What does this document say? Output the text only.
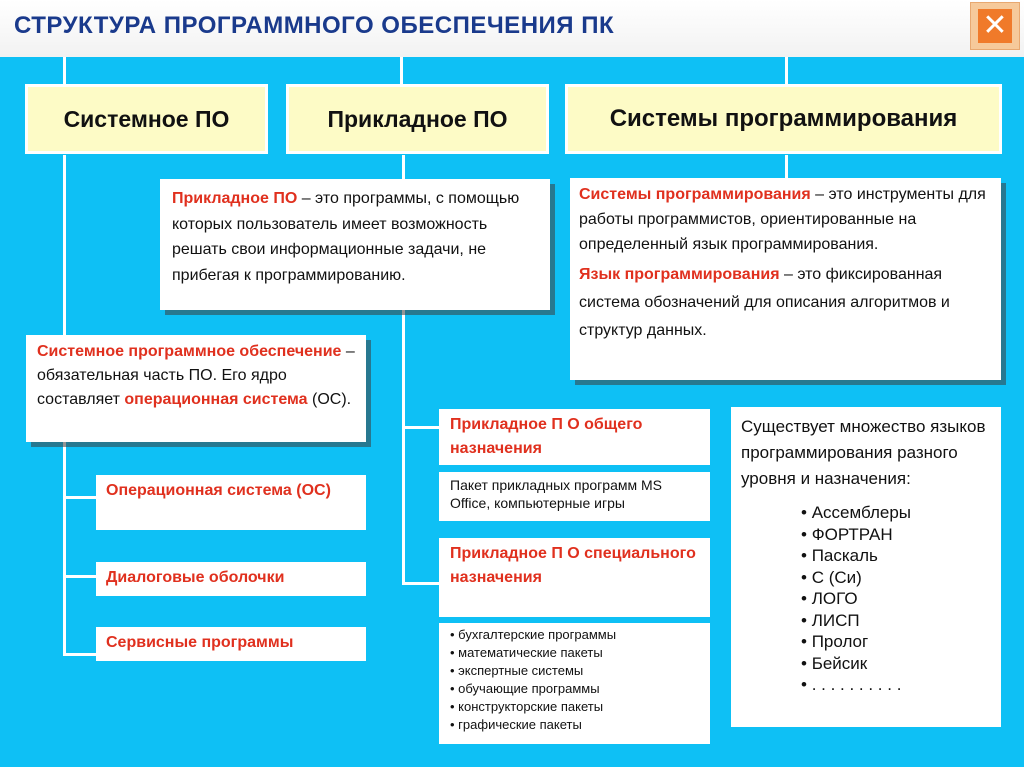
СТРУКТУРА ПРОГРАММНОГО ОБЕСПЕЧЕНИЯ ПК	✕
Системное ПО	Прикладное ПО	Системы программирования
Прикладное ПО – это программы, с помощью которых пользователь имеет возможность решать свои информационные задачи, не прибегая к программированию.
Системы программирования – это инструменты для работы программистов, ориентированные на определенный язык программирования.
Язык программирования – это фиксированная система обозначений для описания алгоритмов и структур данных.
Системное программное обеспечение – обязательная часть ПО. Его ядро составляет операционная система (ОС).
Операционная система (ОС)
Диалоговые оболочки
Сервисные программы
Прикладное П О общего назначения
Пакет прикладных программ MS Office, компьютерные игры
Прикладное П О специального назначения
• бухгалтерские программы
• математические пакеты
• экспертные системы
• обучающие программы
• конструкторские пакеты
• графические пакеты
Существует множество языков программирования разного уровня и назначения:
• Ассемблеры
• ФОРТРАН
• Паскаль
• С (Си)
• ЛОГО
• ЛИСП
• Пролог
• Бейсик
• . . . . . . . . . .
